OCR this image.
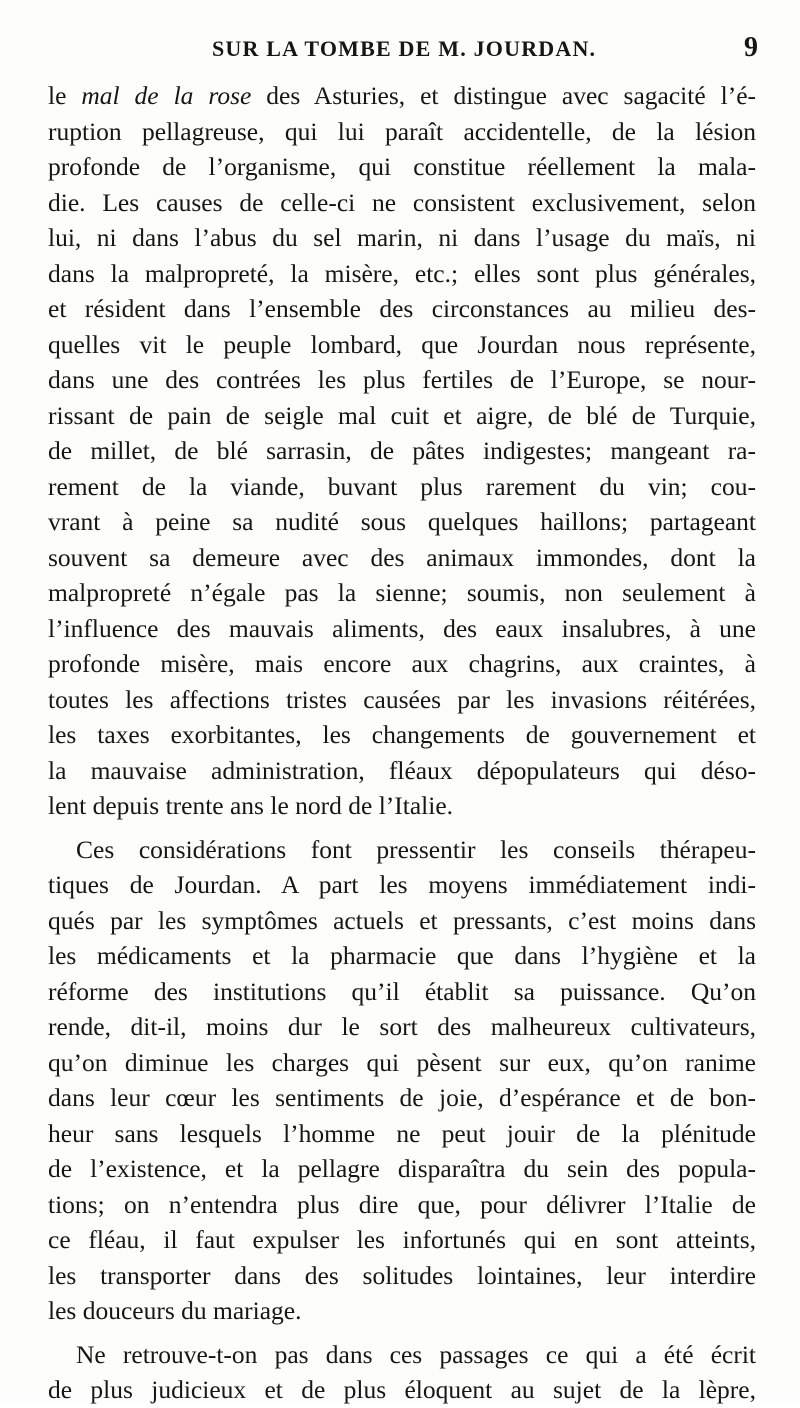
SUR LA TOMBE DE M. JOURDAN.	9
le mal de la rose des Asturies, et distingue avec sagacité l’é-
ruption pellagreuse, qui lui paraît accidentelle, de la lésion
profonde de l’organisme, qui constitue réellement la mala-
die. Les causes de celle-ci ne consistent exclusivement, selon
lui, ni dans l’abus du sel marin, ni dans l’usage du maïs, ni
dans la malpropreté, la misère, etc.; elles sont plus générales,
et résident dans l’ensemble des circonstances au milieu des-
quelles vit le peuple lombard, que Jourdan nous représente,
dans une des contrées les plus fertiles de l’Europe, se nour-
rissant de pain de seigle mal cuit et aigre, de blé de Turquie,
de millet, de blé sarrasin, de pâtes indigestes; mangeant ra-
rement de la viande, buvant plus rarement du vin; cou-
vrant à peine sa nudité sous quelques haillons; partageant
souvent sa demeure avec des animaux immondes, dont la
malpropreté n’égale pas la sienne; soumis, non seulement à
l’influence des mauvais aliments, des eaux insalubres, à une
profonde misère, mais encore aux chagrins, aux craintes, à
toutes les affections tristes causées par les invasions réitérées,
les taxes exorbitantes, les changements de gouvernement et
la mauvaise administration, fléaux dépopulateurs qui déso-
lent depuis trente ans le nord de l’Italie.
Ces considérations font pressentir les conseils thérapeu-
tiques de Jourdan. A part les moyens immédiatement indi-
qués par les symptômes actuels et pressants, c’est moins dans
les médicaments et la pharmacie que dans l’hygiène et la
réforme des institutions qu’il établit sa puissance. Qu’on
rende, dit-il, moins dur le sort des malheureux cultivateurs,
qu’on diminue les charges qui pèsent sur eux, qu’on ranime
dans leur cœur les sentiments de joie, d’espérance et de bon-
heur sans lesquels l’homme ne peut jouir de la plénitude
de l’existence, et la pellagre disparaîtra du sein des popula-
tions; on n’entendra plus dire que, pour délivrer l’Italie de
ce fléau, il faut expulser les infortunés qui en sont atteints,
les transporter dans des solitudes lointaines, leur interdire
les douceurs du mariage.
Ne retrouve-t-on pas dans ces passages ce qui a été écrit
de plus judicieux et de plus éloquent au sujet de la lèpre,
